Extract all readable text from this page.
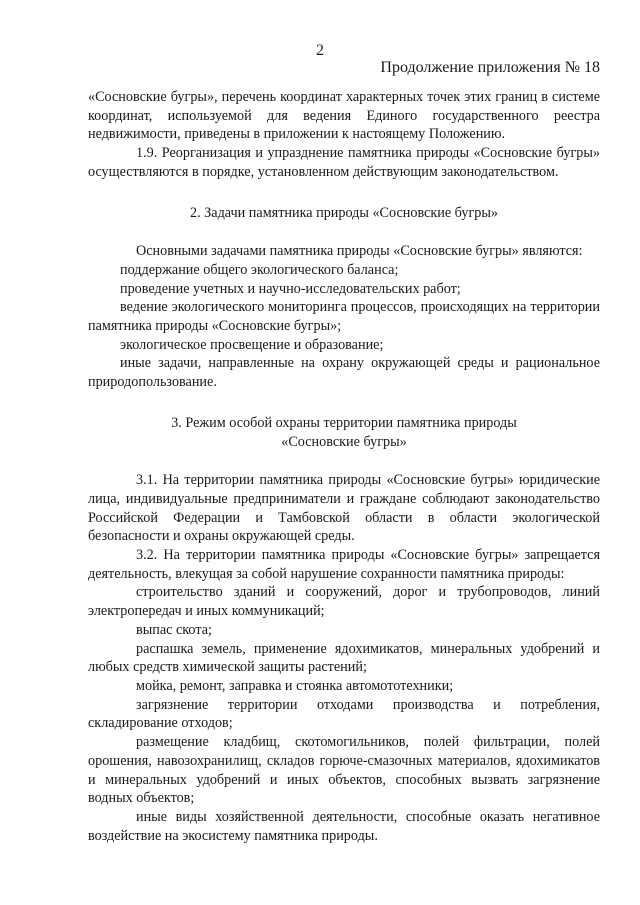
2
Продолжение приложения № 18

«Сосновские бугры», перечень координат характерных точек этих границ в системе координат, используемой для ведения Единого государственного реестра недвижимости, приведены в приложении к настоящему Положению.

1.9. Реорганизация и упразднение памятника природы «Сосновские бугры» осуществляются в порядке, установленном действующим законодательством.

2. Задачи памятника природы «Сосновские бугры»

Основными задачами памятника природы «Сосновские бугры» являются:

поддержание общего экологического баланса;

проведение учетных и научно-исследовательских работ;

ведение экологического мониторинга процессов, происходящих на территории памятника природы «Сосновские бугры»;

экологическое просвещение и образование;

иные задачи, направленные на охрану окружающей среды и рациональное природопользование.

3. Режим особой охраны территории памятника природы

«Сосновские бугры»

3.1. На территории памятника природы «Сосновские бугры» юридические лица, индивидуальные предприниматели и граждане соблюдают законодательство Российской Федерации и Тамбовской области в области экологической безопасности и охраны окружающей среды.

3.2. На территории памятника природы «Сосновские бугры» запрещается деятельность, влекущая за собой нарушение сохранности памятника природы:

строительство зданий и сооружений, дорог и трубопроводов, линий электропередач и иных коммуникаций;

выпас скота;

распашка земель, применение ядохимикатов, минеральных удобрений и любых средств химической защиты растений;

мойка, ремонт, заправка и стоянка автомототехники;

загрязнение территории отходами производства и потребления, складирование отходов;

размещение кладбищ, скотомогильников, полей фильтрации, полей орошения, навозохранилищ, складов горюче-смазочных материалов, ядохимикатов и минеральных удобрений и иных объектов, способных вызвать загрязнение водных объектов;

иные виды хозяйственной деятельности, способные оказать негативное воздействие на экосистему памятника природы.
